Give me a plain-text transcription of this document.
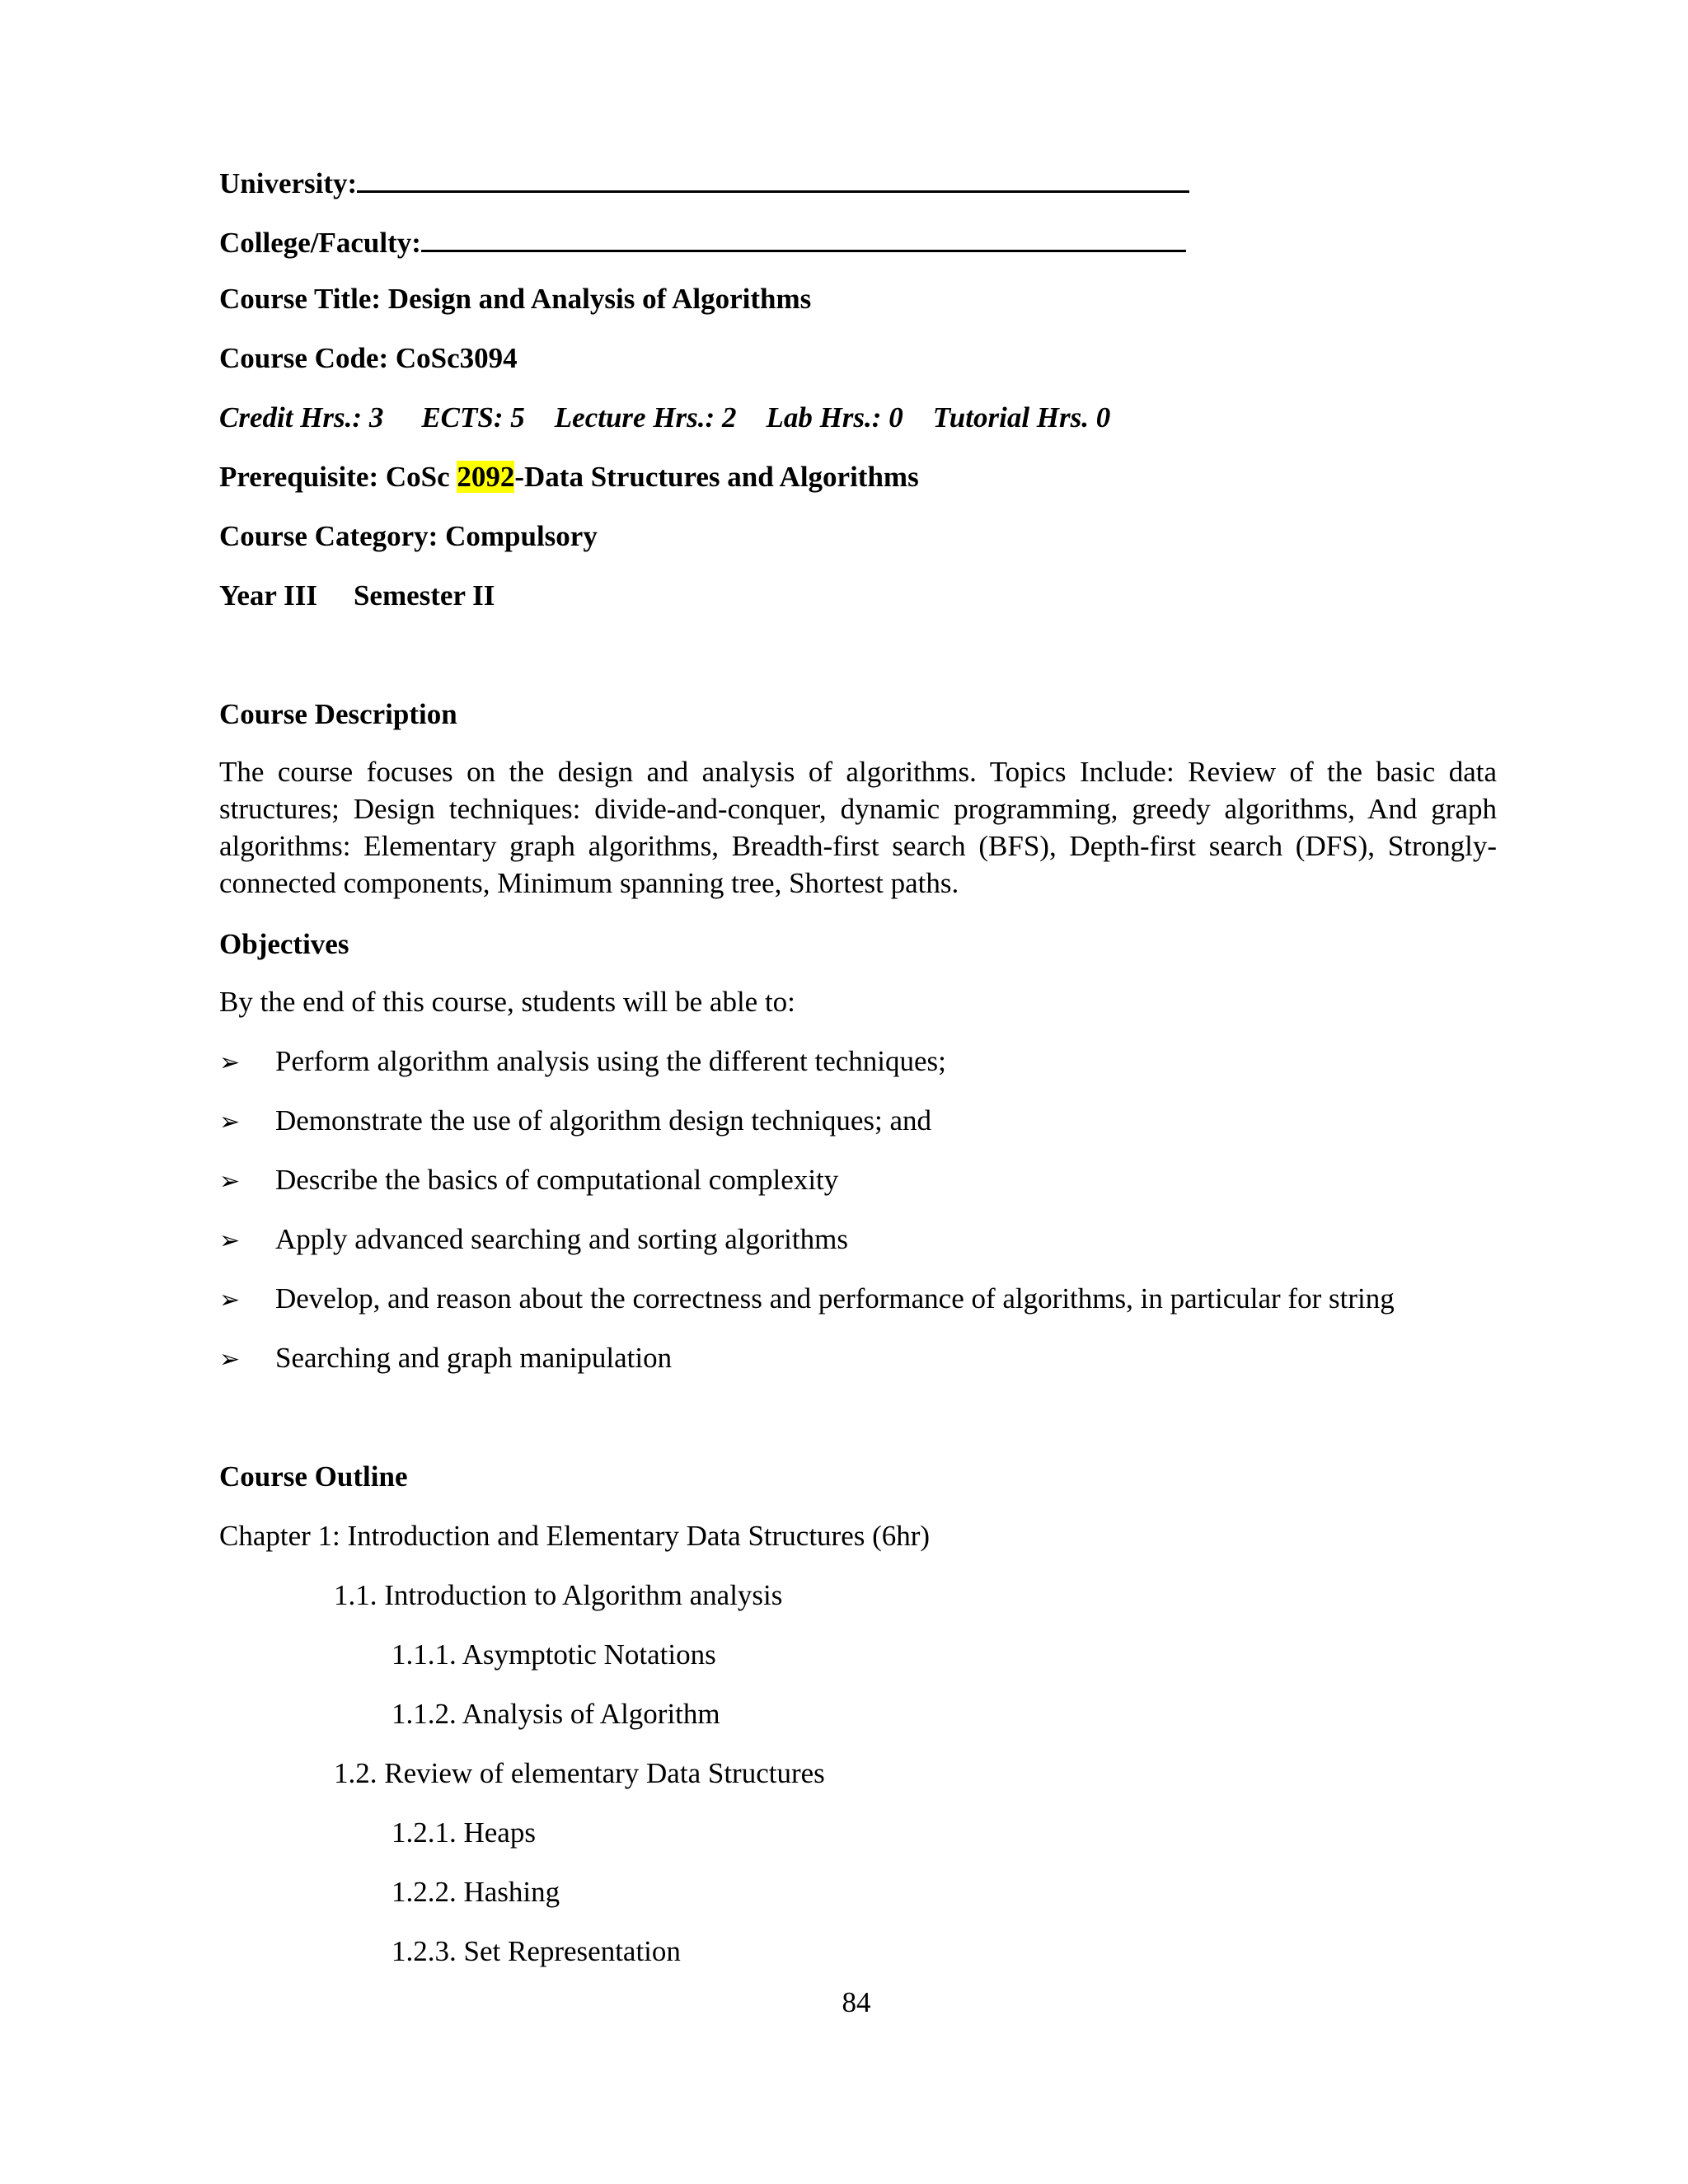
University:
College/Faculty:
Course Title: Design and Analysis of Algorithms
Course Code: CoSc3094
Credit Hrs.: 3 ECTS: 5 Lecture Hrs.: 2 Lab Hrs.: 0 Tutorial Hrs. 0
Prerequisite: CoSc 2092-Data Structures and Algorithms
Course Category: Compulsory
Year III Semester II
Course Description
The course focuses on the design and analysis of algorithms. Topics Include: Review of the basic data structures; Design techniques: divide-and-conquer, dynamic programming, greedy algorithms, And graph algorithms: Elementary graph algorithms, Breadth-first search (BFS), Depth-first search (DFS), Strongly-connected components, Minimum spanning tree, Shortest paths.
Objectives
By the end of this course, students will be able to:
➢ Perform algorithm analysis using the different techniques;
➢ Demonstrate the use of algorithm design techniques; and
➢ Describe the basics of computational complexity
➢ Apply advanced searching and sorting algorithms
➢ Develop, and reason about the correctness and performance of algorithms, in particular for string
➢ Searching and graph manipulation
Course Outline
Chapter 1: Introduction and Elementary Data Structures (6hr)
1.1. Introduction to Algorithm analysis
1.1.1. Asymptotic Notations
1.1.2. Analysis of Algorithm
1.2. Review of elementary Data Structures
1.2.1. Heaps
1.2.2. Hashing
1.2.3. Set Representation
84
